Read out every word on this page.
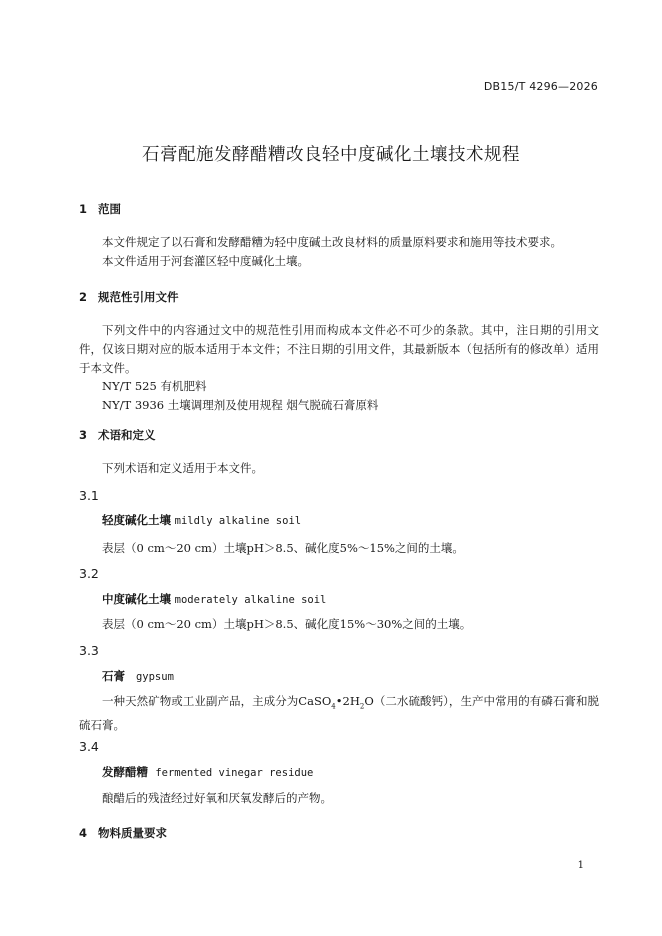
DB15/T 4296—2026
石膏配施发酵醋糟改良轻中度碱化土壤技术规程
1 范围
本文件规定了以石膏和发酵醋糟为轻中度碱土改良材料的质量原料要求和施用等技术要求。
本文件适用于河套灌区轻中度碱化土壤。
2 规范性引用文件
下列文件中的内容通过文中的规范性引用而构成本文件必不可少的条款。其中，注日期的引用文件，仅该日期对应的版本适用于本文件；不注日期的引用文件，其最新版本（包括所有的修改单）适用于本文件。
NY/T 525 有机肥料
NY/T 3936 土壤调理剂及使用规程 烟气脱硫石膏原料
3 术语和定义
下列术语和定义适用于本文件。
3.1
轻度碱化土壤 mildly alkaline soil
表层（0 cm～20 cm）土壤pH＞8.5、碱化度5%～15%之间的土壤。
3.2
中度碱化土壤 moderately alkaline soil
表层（0 cm～20 cm）土壤pH＞8.5、碱化度15%～30%之间的土壤。
3.3
石膏 gypsum
一种天然矿物或工业副产品，主成分为$CaSO_4•2H_2O$（二水硫酸钙），生产中常用的有磷石膏和脱硫石膏。
3.4
发酵醋糟 fermented vinegar residue
酿醋后的残渣经过好氧和厌氧发酵后的产物。
4 物料质量要求
1
